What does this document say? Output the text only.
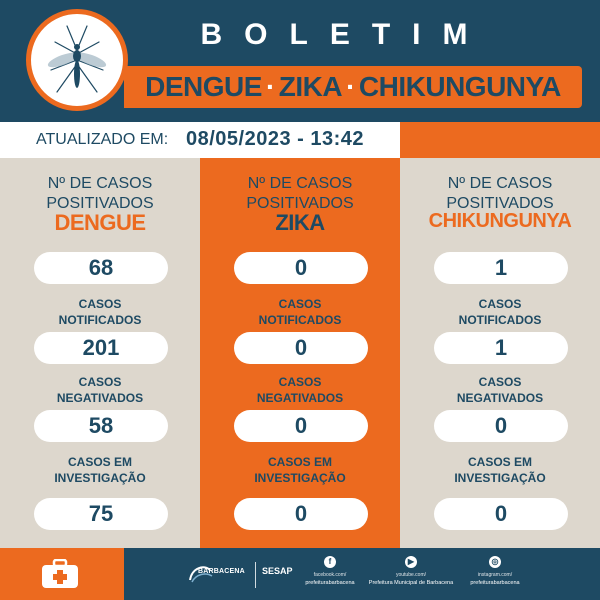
BOLETIM
DENGUE · ZIKA · CHIKUNGUNYA
ATUALIZADO EM: 08/05/2023 - 13:42
Nº DE CASOS
POSITIVADOS
DENGUE
68
CASOS
NOTIFICADOS
201
CASOS
NEGATIVADOS
58
CASOS EM
INVESTIGAÇÃO
75
Nº DE CASOS
POSITIVADOS
ZIKA
0
CASOS
NOTIFICADOS
0
CASOS
NEGATIVADOS
0
CASOS EM
INVESTIGAÇÃO
0
Nº DE CASOS
POSITIVADOS
CHIKUNGUNYA
1
CASOS
NOTIFICADOS
1
CASOS
NEGATIVADOS
0
CASOS EM
INVESTIGAÇÃO
0
BARBACENA SESAP
f
facebook.com/
prefeiturabarbacena
▶
youtube.com/
Prefeitura Municipal de Barbacena
◎
instagram.com/
prefeiturabarbacena
